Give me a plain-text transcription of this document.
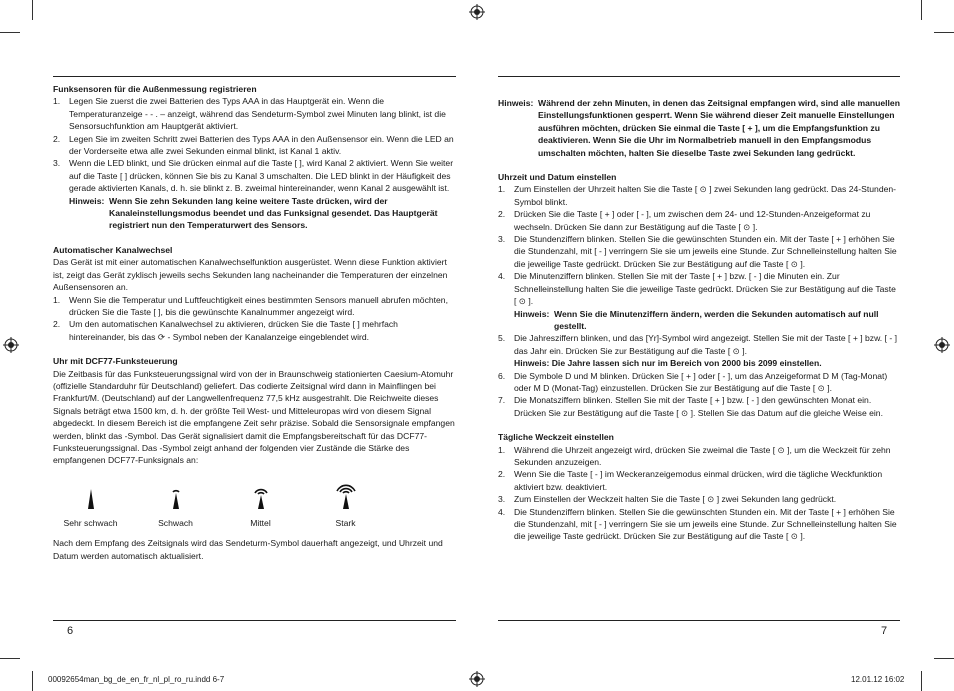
Funksensoren für die Außenmessung registrieren
1.	Legen Sie zuerst die zwei Batterien des Typs AAA in das Hauptgerät ein. Wenn die Temperaturanzeige - - . – anzeigt, während das Sendeturm-Symbol zwei Minuten lang blinkt, ist die Sensorsuchfunktion am Hauptgerät aktiviert.
2.	Legen Sie im zweiten Schritt zwei Batterien des Typs AAA in den Außensensor ein. Wenn die LED an der Vorderseite etwa alle zwei Sekunden einmal blinkt, ist Kanal 1 aktiv.
3.	Wenn die LED blinkt, und Sie drücken einmal auf die Taste [ ], wird Kanal 2 aktiviert. Wenn Sie weiter auf die Taste [ ] drücken, können Sie bis zu Kanal 3 umschalten. Die LED blinkt in der Häufigkeit des gerade aktivierten Kanals, d. h. sie blinkt z. B. zweimal hintereinander, wenn Kanal 2 ausgewählt ist.
Hinweis: Wenn Sie zehn Sekunden lang keine weitere Taste drücken, wird der Kanaleinstellungsmodus beendet und das Funksignal gesendet. Das Hauptgerät registriert nun den Temperaturwert des Sensors.
Automatischer Kanalwechsel

Das Gerät ist mit einer automatischen Kanalwechselfunktion ausgerüstet. Wenn diese Funktion aktiviert ist, zeigt das Gerät zyklisch jeweils sechs Sekunden lang nacheinander die Temperaturen der einzelnen Außensensoren an.

1.	Wenn Sie die Temperatur und Luftfeuchtigkeit eines bestimmten Sensors manuell abrufen möchten, drücken Sie die Taste [ ], bis die gewünschte Kanalnummer angezeigt wird.
2.	Um den automatischen Kanalwechsel zu aktivieren, drücken Sie die Taste [ ] mehrfach hintereinander, bis das ⟳ - Symbol neben der Kanalanzeige eingeblendet wird.
Uhr mit DCF77-Funksteuerung

Die Zeitbasis für das Funksteuerungssignal wird von der in Braunschweig stationierten Caesium-Atomuhr (offizielle Standarduhr für Deutschland) geliefert. Das codierte Zeitsignal wird dann in Mainflingen bei Frankfurt/M. (Deutschland) auf der Langwellenfrequenz 77,5 kHz ausgestrahlt. Die Reichweite dieses Signals beträgt etwa 1500 km, d. h. der größte Teil West- und Mitteleuropas wird von diesem Signal abgedeckt. In diesem Bereich ist die empfangene Zeit sehr präzise. Sobald die Sensorsignale empfangen werden, blinkt das -Symbol. Das Gerät signalisiert damit die Empfangsbereitschaft für das DCF77-Funksteuerungssignal. Das -Symbol zeigt anhand der folgenden vier Zustände die Stärke des empfangenen DCF77-Funksignals an:

Sehr schwach	Schwach	Mittel	Stark

Nach dem Empfang des Zeitsignals wird das Sendeturm-Symbol dauerhaft angezeigt, und Uhrzeit und Datum werden automatisch aktualisiert.

6
Hinweis: Während der zehn Minuten, in denen das Zeitsignal empfangen wird, sind alle manuellen Einstellungsfunktionen gesperrt. Wenn Sie während dieser Zeit manuelle Einstellungen ausführen möchten, drücken Sie einmal die Taste [ + ], um die Empfangsfunktion zu deaktivieren. Wenn Sie die Uhr im Normalbetrieb manuell in den Empfangsmodus umschalten möchten, halten Sie dieselbe Taste zwei Sekunden lang gedrückt.
Uhrzeit und Datum einstellen
1.	Zum Einstellen der Uhrzeit halten Sie die Taste [ ⊙ ] zwei Sekunden lang gedrückt. Das 24-Stunden-Symbol blinkt.
2.	Drücken Sie die Taste [ + ] oder [ - ], um zwischen dem 24- und 12-Stunden-Anzeigeformat zu wechseln. Drücken Sie dann zur Bestätigung auf die Taste [ ⊙ ].
3.	Die Stundenziffern blinken. Stellen Sie die gewünschten Stunden ein. Mit der Taste [ + ] erhöhen Sie die Stundenzahl, mit [ - ] verringern Sie sie um jeweils eine Stunde. Zur Schnelleinstellung halten Sie die jeweilige Taste gedrückt. Drücken Sie zur Bestätigung auf die Taste [ ⊙ ].
4.	Die Minutenziffern blinken. Stellen Sie mit der Taste [ + ] bzw. [ - ] die Minuten ein. Zur Schnelleinstellung halten Sie die jeweilige Taste gedrückt. Drücken Sie zur Bestätigung auf die Taste [ ⊙ ].
Hinweis: Wenn Sie die Minutenziffern ändern, werden die Sekunden automatisch auf null gestellt.
5.	Die Jahresziffern blinken, und das [Yr]-Symbol wird angezeigt. Stellen Sie mit der Taste [ + ] bzw. [ - ] das Jahr ein. Drücken Sie zur Bestätigung auf die Taste [ ⊙ ].
Hinweis: Die Jahre lassen sich nur im Bereich von 2000 bis 2099 einstellen.
6.	Die Symbole D und M blinken. Drücken Sie [ + ] oder [ - ], um das Anzeigeformat D M (Tag-Monat) oder M D (Monat-Tag) einzustellen. Drücken Sie zur Bestätigung auf die Taste [ ⊙ ].
7.	Die Monatsziffern blinken. Stellen Sie mit der Taste [ + ] bzw. [ - ] den gewünschten Monat ein. Drücken Sie zur Bestätigung auf die Taste [ ⊙ ]. Stellen Sie das Datum auf die gleiche Weise ein.
Tägliche Weckzeit einstellen
1.	Während die Uhrzeit angezeigt wird, drücken Sie zweimal die Taste [ ⊙ ], um die Weckzeit für zehn Sekunden anzuzeigen.
2.	Wenn Sie die Taste [ - ] im Weckeranzeigemodus einmal drücken, wird die tägliche Weckfunktion aktiviert bzw. deaktiviert.
3.	Zum Einstellen der Weckzeit halten Sie die Taste [ ⊙ ] zwei Sekunden lang gedrückt.
4.	Die Stundenziffern blinken. Stellen Sie die gewünschten Stunden ein. Mit der Taste [ + ] erhöhen Sie die Stundenzahl, mit [ - ] verringern Sie sie um jeweils eine Stunde. Zur Schnelleinstellung halten Sie die jeweilige Taste gedrückt. Drücken Sie zur Bestätigung auf die Taste [ ⊙ ].
7
00092654man_bg_de_en_fr_nl_pl_ro_ru.indd 6-7	12.01.12 16:02
